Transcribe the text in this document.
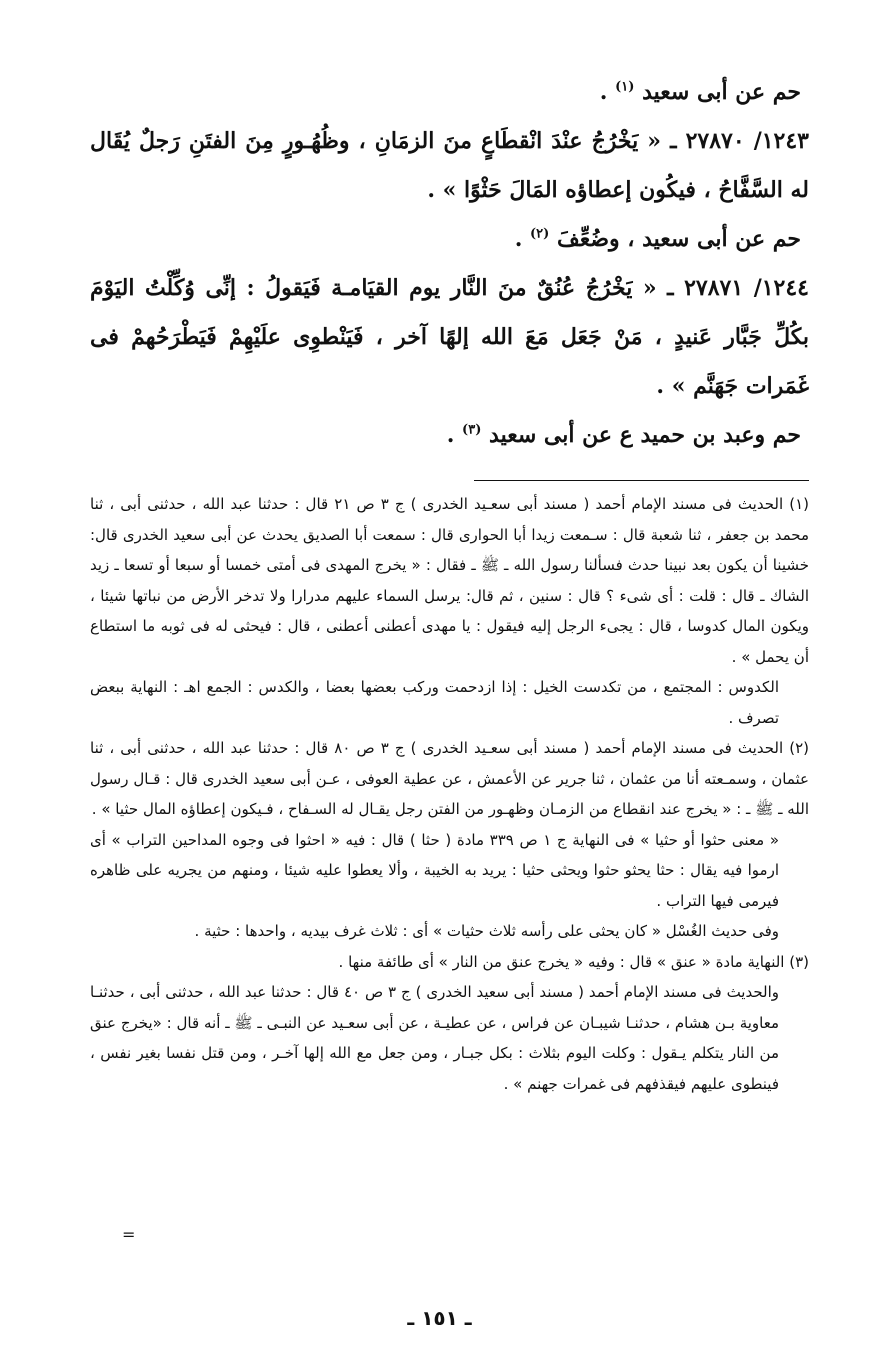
حم عن أبى سعيد $^{(١)}$ .

١٢٤٣/ ٢٧٨٧٠ ـ « يَخْرُجُ عنْدَ انْقطَاعٍ منَ الزمَانِ ، وظُهُـورٍ مِنَ الفتَنِ رَجلٌ يُقَال له السَّفَّاحُ ، فيكُون إعطاؤه المَالَ حَثْوًا » .

حم عن أبى سعيد ، وضُعِّفَ $^{(٢)}$ .

١٢٤٤/ ٢٧٨٧١ ـ « يَخْرُجُ عُنُقٌ منَ النَّار يوم القيَامـة فَيَقولُ : إنِّى وُكِّلْتُ اليَوْمَ بكُلِّ جَبَّار عَنيدٍ ، مَنْ جَعَل مَعَ الله إلهًا آخر ، فَيَنْطوِى علَيْهِمْ فَيَطْرَحُهمْ فى غَمَرات جَهَنَّم » .

حم وعبد بن حميد ع عن أبى سعيد $^{(٣)}$ .

(١) الحديث فى مسند الإمام أحمد ( مسند أبى سعـيد الخدرى ) ج ٣ ص ٢١ قال : حدثنا عبد الله ، حدثنى أبى ، ثنا محمد بن جعفر ، ثنا شعبة قال : سـمعت زيدا أبا الحوارى قال : سمعت أبا الصديق يحدث عن أبى سعيد الخدرى قال: خشينا أن يكون بعد نبينا حدث فسألنا رسول الله ـ ﷺ ـ فقال : « يخرج المهدى فى أمتى خمسا أو سبعا أو تسعا ـ زيد الشاك ـ قال : قلت : أى شىء ؟ قال : سنين ، ثم قال: يرسل السماء عليهم مدرارا ولا تدخر الأرض من نباتها شيئا ، ويكون المال كدوسا ، قال : يجىء الرجل إليه فيقول : يا مهدى أعطنى أعطنى ، قال : فيحثى له فى ثوبه ما استطاع أن يحمل » .

الكدوس : المجتمع ، من تكدست الخيل : إذا ازدحمت وركب بعضها بعضا ، والكدس : الجمع اهـ : النهاية ببعض تصرف .

(٢) الحديث فى مسند الإمام أحمد ( مسند أبى سعـيد الخدرى ) ج ٣ ص ٨٠ قال : حدثنا عبد الله ، حدثنى أبى ، ثنا عثمان ، وسمـعته أنا من عثمان ، ثنا جرير عن الأعمش ، عن عطية العوفى ، عـن أبى سعيد الخدرى قال : قـال رسول الله ـ ﷺ ـ : « يخرج عند انقطاع من الزمـان وظهـور من الفتن رجل يقـال له السـفاح ، فـيكون إعطاؤه المال حثيا » .

« معنى حثوا أو حثيا » فى النهاية ج ١ ص ٣٣٩ مادة ( حثا ) قال : فيه « احثوا فى وجوه المداحين التراب » أى ارموا فيه يقال : حثا يحثو حثوا ويحثى حثيا : يريد به الخيبة ، وألا يعطوا عليه شيئا ، ومنهم من يجريه على ظاهره فيرمى فيها التراب .

وفى حديث الغُسْل « كان يحثى على رأسه ثلاث حثيات » أى : ثلاث غرف بيديه ، واحدها : حثية .

(٣) النهاية مادة « عنق » قال : وفيه « يخرج عنق من النار » أى طائفة منها .

والحديث فى مسند الإمام أحمد ( مسند أبى سعيد الخدرى ) ج ٣ ص ٤٠ قال : حدثنا عبد الله ، حدثنى أبى ، حدثنـا معاوية بـن هشام ، حدثنـا شيبـان عن فراس ، عن عطيـة ، عن أبى سعـيد عن النبـى ـ ﷺ ـ أنه قال : «يخرج عنق من النار يتكلم يـقول : وكلت اليوم بثلاث : بكل جبـار ، ومن جعل مع الله إلها آخـر ، ومن قتل نفسا بغير نفس ، فينطوى عليهم فيقذفهم فى غمرات جهنم » .

=
ـ ١٥١ ـ
